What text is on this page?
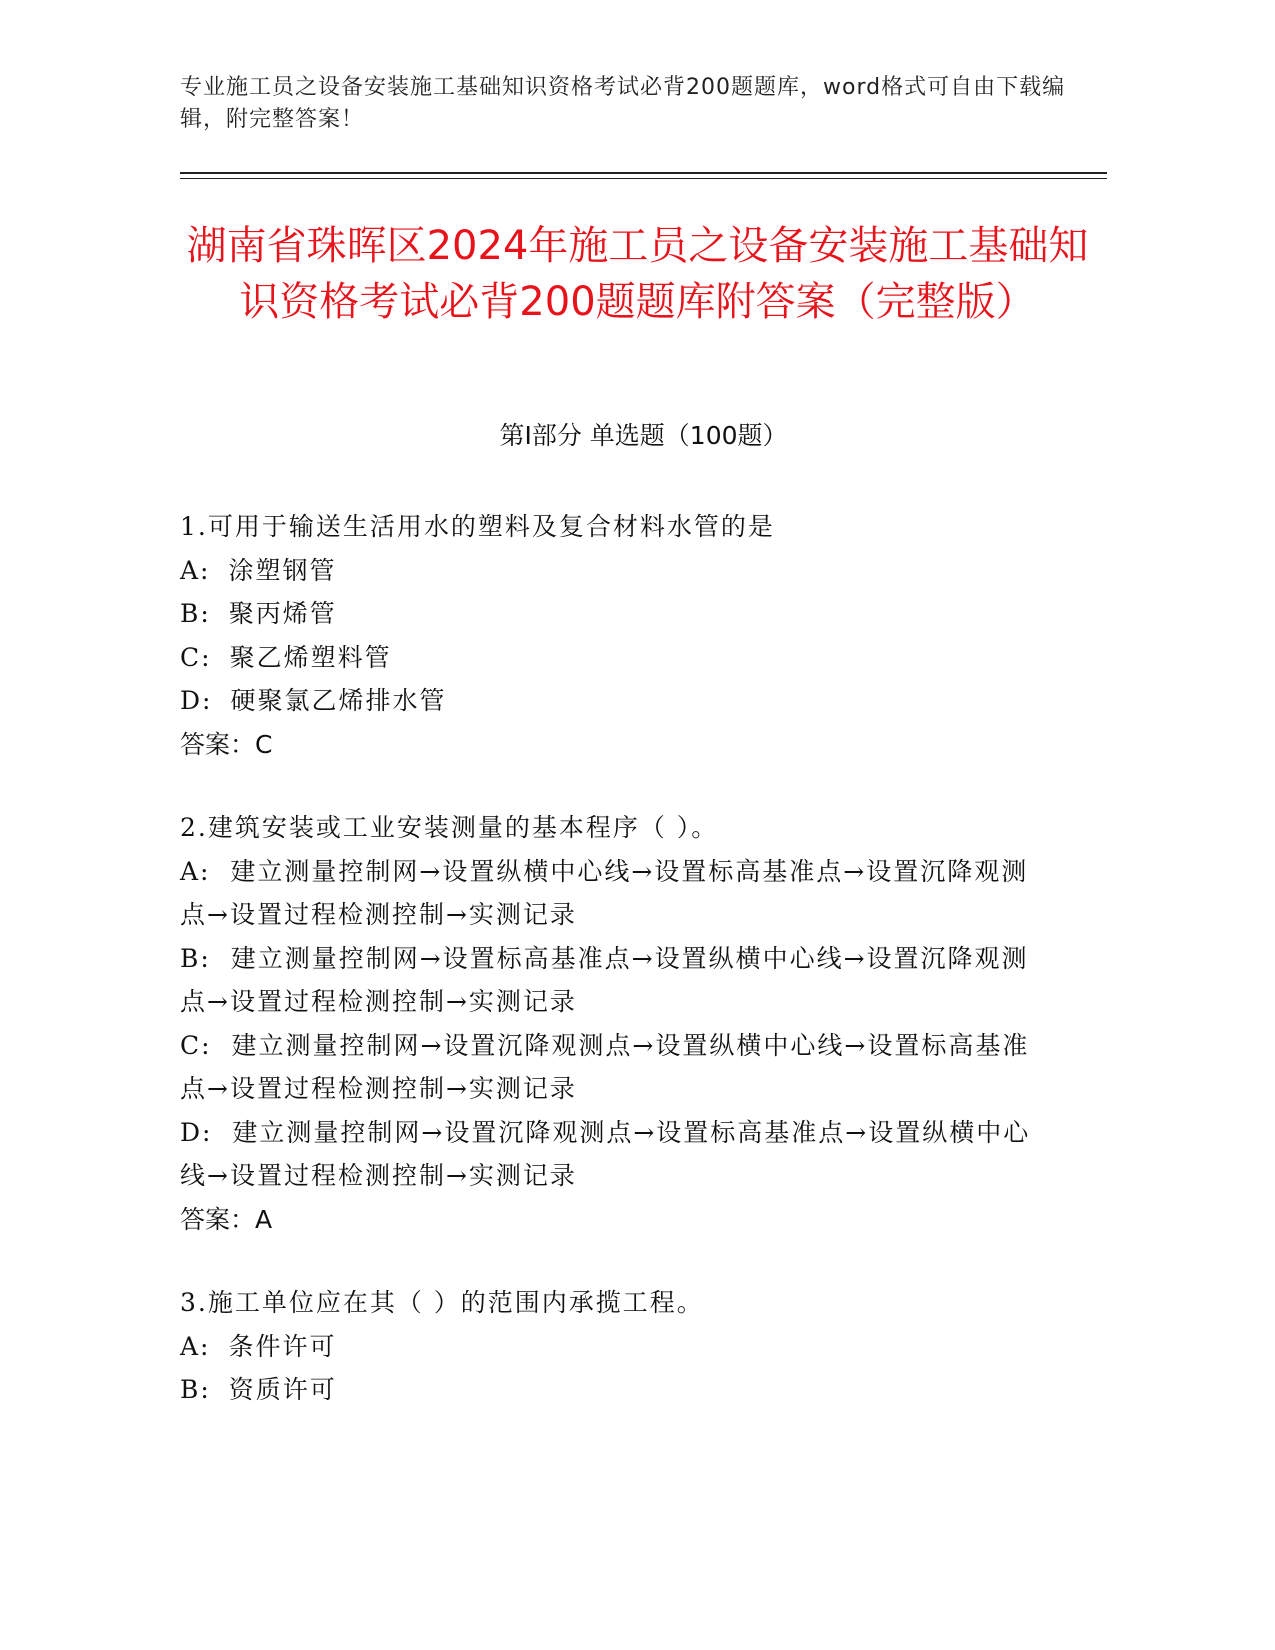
专业施工员之设备安装施工基础知识资格考试必背200题题库，word格式可自由下载编辑，附完整答案！
湖南省珠晖区2024年施工员之设备安装施工基础知识资格考试必背200题题库附答案（完整版）
第I部分 单选题（100题）

1.可用于输送生活用水的塑料及复合材料水管的是

A: 涂塑钢管
B: 聚丙烯管
C: 聚乙烯塑料管
D: 硬聚氯乙烯排水管

答案：C

2.建筑安装或工业安装测量的基本程序（ ）。

A: 建立测量控制网→设置纵横中心线→设置标高基准点→设置沉降观测点→设置过程检测控制→实测记录

B: 建立测量控制网→设置标高基准点→设置纵横中心线→设置沉降观测点→设置过程检测控制→实测记录

C: 建立测量控制网→设置沉降观测点→设置纵横中心线→设置标高基准点→设置过程检测控制→实测记录

D: 建立测量控制网→设置沉降观测点→设置标高基准点→设置纵横中心线→设置过程检测控制→实测记录

答案：A

3.施工单位应在其（ ）的范围内承揽工程。

A: 条件许可
B: 资质许可
